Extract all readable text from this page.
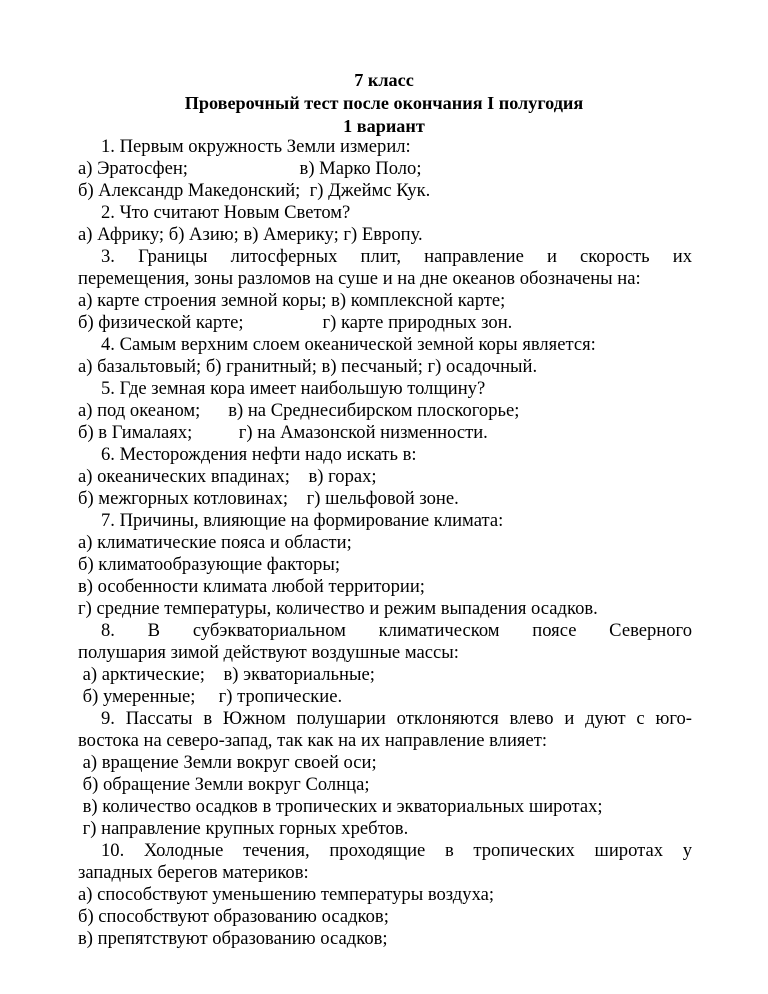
7 класс
Проверочный тест после окончания I полугодия
1 вариант
1. Первым окружность Земли измерил:
а) Эратосфен;                        в) Марко Поло;
б) Александр Македонский;  г) Джеймс Кук.
2. Что считают Новым Светом?
а) Африку; б) Азию; в) Америку; г) Европу.
3. Границы литосферных плит, направление и скорость их
перемещения, зоны разломов на суше и на дне океанов обозначены на:
а) карте строения земной коры; в) комплексной карте;
б) физической карте;                 г) карте природных зон.
4. Самым верхним слоем океанической земной коры является:
а) базальтовый; б) гранитный; в) песчаный; г) осадочный.
5. Где земная кора имеет наибольшую толщину?
а) под океаном;      в) на Среднесибирском плоскогорье;
б) в Гималаях;          г) на Амазонской низменности.
6. Месторождения нефти надо искать в:
а) океанических впадинах;    в) горах;
б) межгорных котловинах;    г) шельфовой зоне.
7. Причины, влияющие на формирование климата:
а) климатические пояса и области;
б) климатообразующие факторы;
в) особенности климата любой территории;
г) средние температуры, количество и режим выпадения осадков.
8. В субэкваториальном климатическом поясе Северного
полушария зимой действуют воздушные массы:
а) арктические;    в) экваториальные;
б) умеренные;     г) тропические.
9. Пассаты в Южном полушарии отклоняются влево и дуют с юго-
востока на северо-запад, так как на их направление влияет:
а) вращение Земли вокруг своей оси;
б) обращение Земли вокруг Солнца;
в) количество осадков в тропических и экваториальных широтах;
г) направление крупных горных хребтов.
10. Холодные течения, проходящие в тропических широтах у
западных берегов материков:
а) способствуют уменьшению температуры воздуха;
б) способствуют образованию осадков;
в) препятствуют образованию осадков;
